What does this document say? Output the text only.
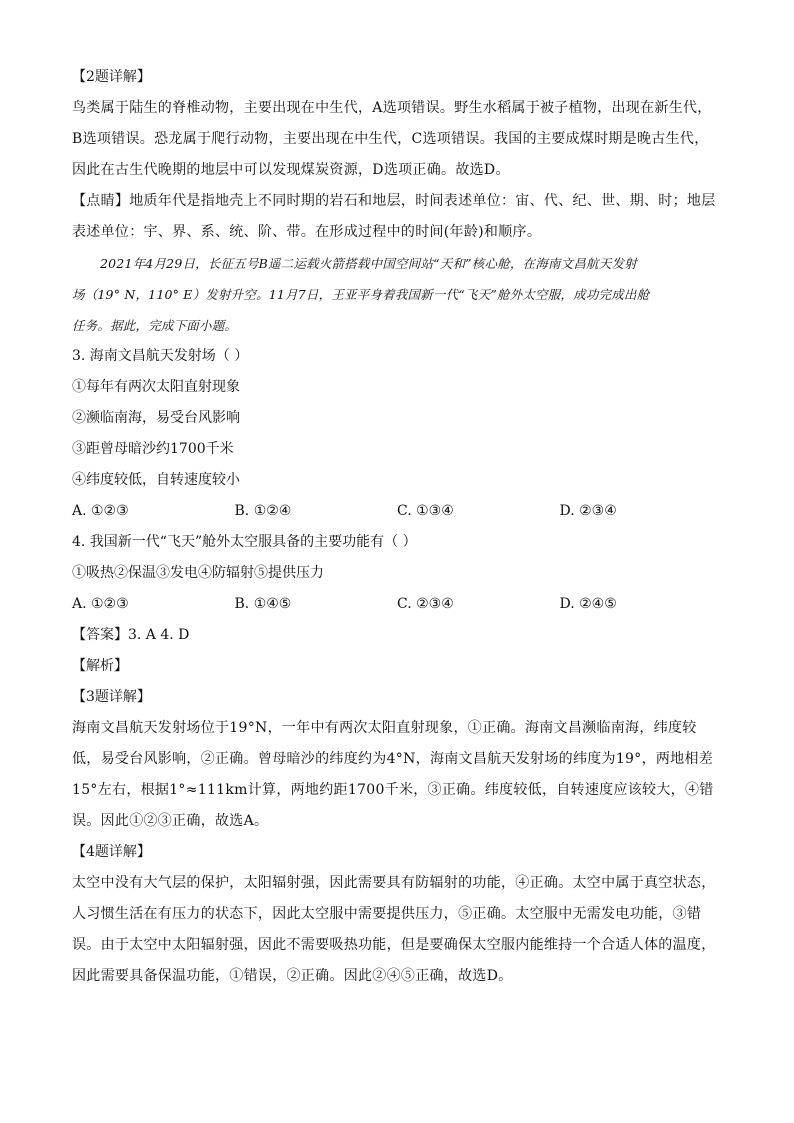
【2题详解】

鸟类属于陆生的脊椎动物，主要出现在中生代，A选项错误。野生水稻属于被子植物，出现在新生代，B选项错误。恐龙属于爬行动物，主要出现在中生代，C选项错误。我国的主要成煤时期是晚古生代，因此在古生代晚期的地层中可以发现煤炭资源，D选项正确。故选D。

【点睛】地质年代是指地壳上不同时期的岩石和地层，时间表述单位：宙、代、纪、世、期、时；地层表述单位：宇、界、系、统、阶、带。在形成过程中的时间(年龄)和顺序。

2021年4月29日，长征五号B遥二运载火箭搭载中国空间站“天和”核心舱，在海南文昌航天发射
场（19° N，110° E）发射升空。11月7日，王亚平身着我国新一代“飞天”舱外太空服，成功完成出舱
任务。据此，完成下面小题。
3. 海南文昌航天发射场（ ）
①每年有两次太阳直射现象
②濒临南海，易受台风影响
③距曾母暗沙约1700千米
④纬度较低，自转速度较小
A. ①②③	B. ①②④	C. ①③④	D. ②③④
4. 我国新一代“飞天”舱外太空服具备的主要功能有（ ）
①吸热②保温③发电④防辐射⑤提供压力
A. ①②③	B. ①④⑤	C. ②③④	D. ②④⑤
【答案】3. A 4. D
【解析】
【3题详解】

海南文昌航天发射场位于19°N，一年中有两次太阳直射现象，①正确。海南文昌濒临南海，纬度较低，易受台风影响，②正确。曾母暗沙的纬度约为4°N，海南文昌航天发射场的纬度为19°，两地相差15°左右，根据1°≈111km计算，两地约距1700千米，③正确。纬度较低，自转速度应该较大，④错误。因此①②③正确，故选A。

【4题详解】

太空中没有大气层的保护，太阳辐射强，因此需要具有防辐射的功能，④正确。太空中属于真空状态，人习惯生活在有压力的状态下，因此太空服中需要提供压力，⑤正确。太空服中无需发电功能，③错误。由于太空中太阳辐射强，因此不需要吸热功能，但是要确保太空服内能维持一个合适人体的温度，因此需要具备保温功能，①错误，②正确。因此②④⑤正确，故选D。
